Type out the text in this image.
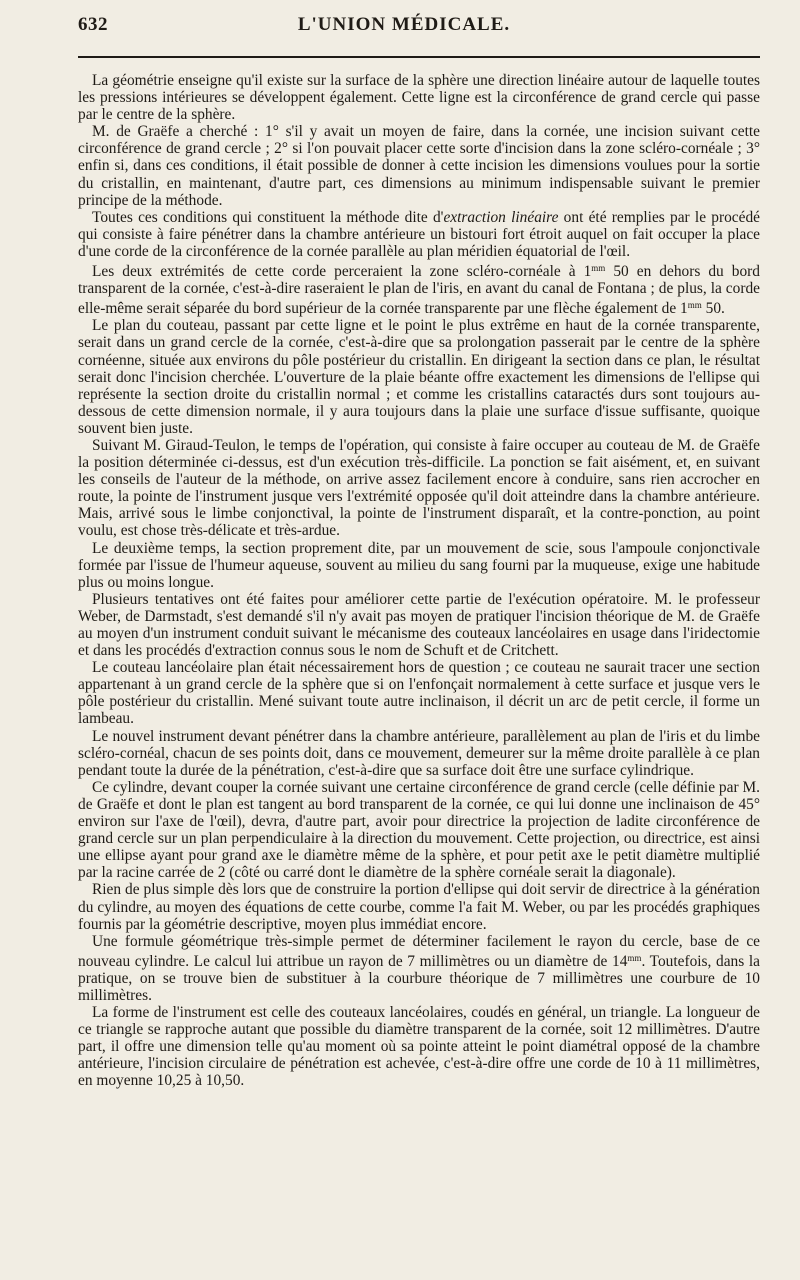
632	L'UNION MÉDICALE.

La géométrie enseigne qu'il existe sur la surface de la sphère une direction linéaire autour de laquelle toutes les pressions intérieures se développent également. Cette ligne est la circonférence de grand cercle qui passe par le centre de la sphère.

M. de Graëfe a cherché : 1° s'il y avait un moyen de faire, dans la cornée, une incision suivant cette circonférence de grand cercle ; 2° si l'on pouvait placer cette sorte d'incision dans la zone scléro-cornéale ; 3° enfin si, dans ces conditions, il était possible de donner à cette incision les dimensions voulues pour la sortie du cristallin, en maintenant, d'autre part, ces dimensions au minimum indispensable suivant le premier principe de la méthode.

Toutes ces conditions qui constituent la méthode dite d'extraction linéaire ont été remplies par le procédé qui consiste à faire pénétrer dans la chambre antérieure un bistouri fort étroit auquel on fait occuper la place d'une corde de la circonférence de la cornée parallèle au plan méridien équatorial de l'œil.

Les deux extrémités de cette corde perceraient la zone scléro-cornéale à $1^{mm}$ 50 en dehors du bord transparent de la cornée, c'est-à-dire raseraient le plan de l'iris, en avant du canal de Fontana ; de plus, la corde elle-même serait séparée du bord supérieur de la cornée transparente par une flèche également de $1^{mm}$ 50.

Le plan du couteau, passant par cette ligne et le point le plus extrême en haut de la cornée transparente, serait dans un grand cercle de la cornée, c'est-à-dire que sa prolongation passerait par le centre de la sphère cornéenne, située aux environs du pôle postérieur du cristallin. En dirigeant la section dans ce plan, le résultat serait donc l'incision cherchée. L'ouverture de la plaie béante offre exactement les dimensions de l'ellipse qui représente la section droite du cristallin normal ; et comme les cristallins cataractés durs sont toujours au-dessous de cette dimension normale, il y aura toujours dans la plaie une surface d'issue suffisante, quoique souvent bien juste.

Suivant M. Giraud-Teulon, le temps de l'opération, qui consiste à faire occuper au couteau de M. de Graëfe la position déterminée ci-dessus, est d'un exécution très-difficile. La ponction se fait aisément, et, en suivant les conseils de l'auteur de la méthode, on arrive assez facilement encore à conduire, sans rien accrocher en route, la pointe de l'instrument jusque vers l'extrémité opposée qu'il doit atteindre dans la chambre antérieure. Mais, arrivé sous le limbe conjonctival, la pointe de l'instrument disparaît, et la contre-ponction, au point voulu, est chose très-délicate et très-ardue.

Le deuxième temps, la section proprement dite, par un mouvement de scie, sous l'ampoule conjonctivale formée par l'issue de l'humeur aqueuse, souvent au milieu du sang fourni par la muqueuse, exige une habitude plus ou moins longue.

Plusieurs tentatives ont été faites pour améliorer cette partie de l'exécution opératoire. M. le professeur Weber, de Darmstadt, s'est demandé s'il n'y avait pas moyen de pratiquer l'incision théorique de M. de Graëfe au moyen d'un instrument conduit suivant le mécanisme des couteaux lancéolaires en usage dans l'iridectomie et dans les procédés d'extraction connus sous le nom de Schuft et de Critchett.

Le couteau lancéolaire plan était nécessairement hors de question ; ce couteau ne saurait tracer une section appartenant à un grand cercle de la sphère que si on l'enfonçait normalement à cette surface et jusque vers le pôle postérieur du cristallin. Mené suivant toute autre inclinaison, il décrit un arc de petit cercle, il forme un lambeau.

Le nouvel instrument devant pénétrer dans la chambre antérieure, parallèlement au plan de l'iris et du limbe scléro-cornéal, chacun de ses points doit, dans ce mouvement, demeurer sur la même droite parallèle à ce plan pendant toute la durée de la pénétration, c'est-à-dire que sa surface doit être une surface cylindrique.

Ce cylindre, devant couper la cornée suivant une certaine circonférence de grand cercle (celle définie par M. de Graëfe et dont le plan est tangent au bord transparent de la cornée, ce qui lui donne une inclinaison de 45° environ sur l'axe de l'œil), devra, d'autre part, avoir pour directrice la projection de ladite circonférence de grand cercle sur un plan perpendiculaire à la direction du mouvement. Cette projection, ou directrice, est ainsi une ellipse ayant pour grand axe le diamètre même de la sphère, et pour petit axe le petit diamètre multiplié par la racine carrée de 2 (côté ou carré dont le diamètre de la sphère cornéale serait la diagonale).

Rien de plus simple dès lors que de construire la portion d'ellipse qui doit servir de directrice à la génération du cylindre, au moyen des équations de cette courbe, comme l'a fait M. Weber, ou par les procédés graphiques fournis par la géométrie descriptive, moyen plus immédiat encore.

Une formule géométrique très-simple permet de déterminer facilement le rayon du cercle, base de ce nouveau cylindre. Le calcul lui attribue un rayon de 7 millimètres ou un diamètre de $14^{mm}$. Toutefois, dans la pratique, on se trouve bien de substituer à la courbure théorique de 7 millimètres une courbure de 10 millimètres.

La forme de l'instrument est celle des couteaux lancéolaires, coudés en général, un triangle. La longueur de ce triangle se rapproche autant que possible du diamètre transparent de la cornée, soit 12 millimètres. D'autre part, il offre une dimension telle qu'au moment où sa pointe atteint le point diamétral opposé de la chambre antérieure, l'incision circulaire de pénétration est achevée, c'est-à-dire offre une corde de 10 à 11 millimètres, en moyenne 10,25 à 10,50.
